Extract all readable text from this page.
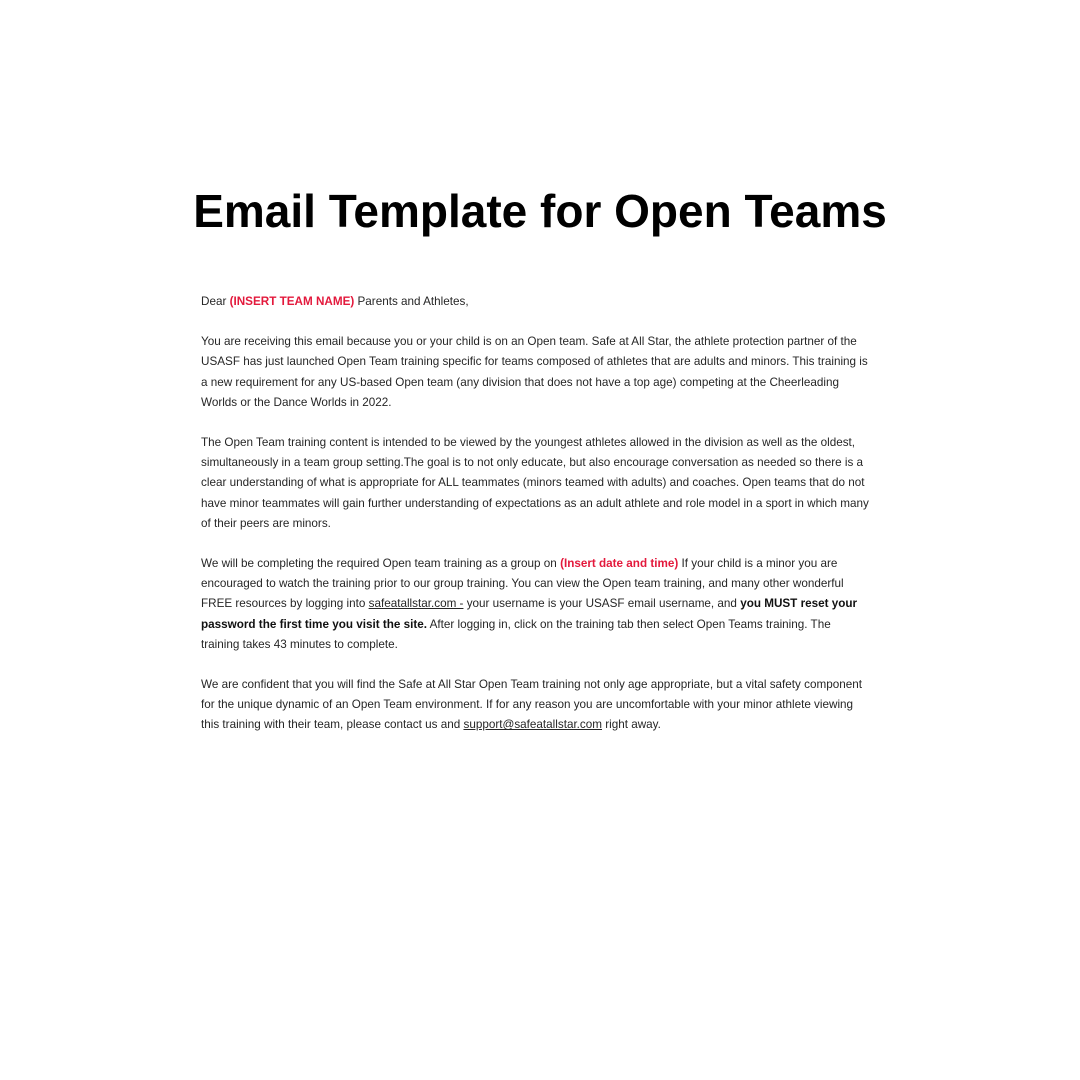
Email Template for Open Teams

Dear (INSERT TEAM NAME) Parents and Athletes,

You are receiving this email because you or your child is on an Open team. Safe at All Star, the athlete protection partner of the USASF has just launched Open Team training specific for teams composed of athletes that are adults and minors. This training is a new requirement for any US-based Open team (any division that does not have a top age) competing at the Cheerleading Worlds or the Dance Worlds in 2022.

The Open Team training content is intended to be viewed by the youngest athletes allowed in the division as well as the oldest, simultaneously in a team group setting.The goal is to not only educate, but also encourage conversation as needed so there is a clear understanding of what is appropriate for ALL teammates (minors teamed with adults) and coaches. Open teams that do not have minor teammates will gain further understanding of expectations as an adult athlete and role model in a sport in which many of their peers are minors.

We will be completing the required Open team training as a group on (Insert date and time) If your child is a minor you are encouraged to watch the training prior to our group training. You can view the Open team training, and many other wonderful FREE resources by logging into safeatallstar.com - your username is your USASF email username, and you MUST reset your password the first time you visit the site. After logging in, click on the training tab then select Open Teams training. The training takes 43 minutes to complete.

We are confident that you will find the Safe at All Star Open Team training not only age appropriate, but a vital safety component for the unique dynamic of an Open Team environment. If for any reason you are uncomfortable with your minor athlete viewing this training with their team, please contact us and support@safeatallstar.com right away.
